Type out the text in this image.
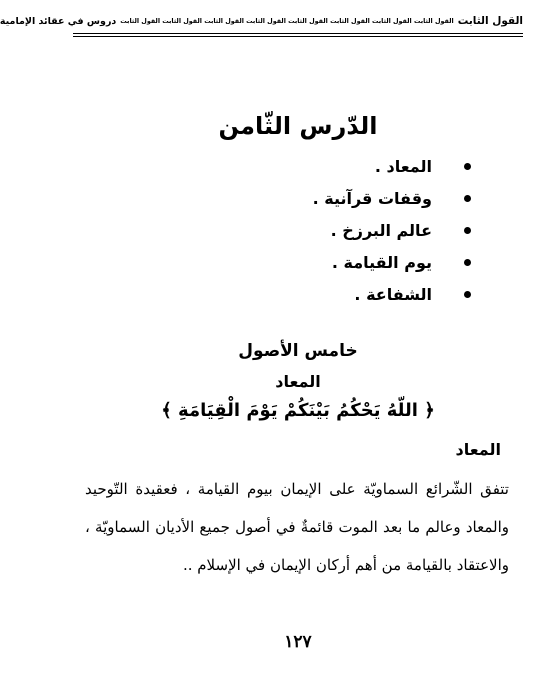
القول الثابت
القول الثابت القول الثابت القول الثابت القول الثابت القول الثابت القول الثابت القول الثابت القول الثابت
دروس في عقائد الإمامية
الدّرس الثّامن
المعاد .
وقفات قرآنية .
عالم البرزخ .
يوم القيامة .
الشفاعة .
خامس الأصول
المعاد
﴿ اللّهُ يَحْكُمُ بَيْنَكُمْ يَوْمَ الْقِيَامَةِ ﴾
المعاد
تتفق الشّرائع السماويّة على الإيمان بيوم القيامة ، فعقيدة التّوحيد
والمعاد وعالم ما بعد الموت قائمةٌ في أصول جميع الأديان السماويّة ،
والاعتقاد بالقيامة من أهم أركان الإيمان في الإسلام ..
١٢٧
